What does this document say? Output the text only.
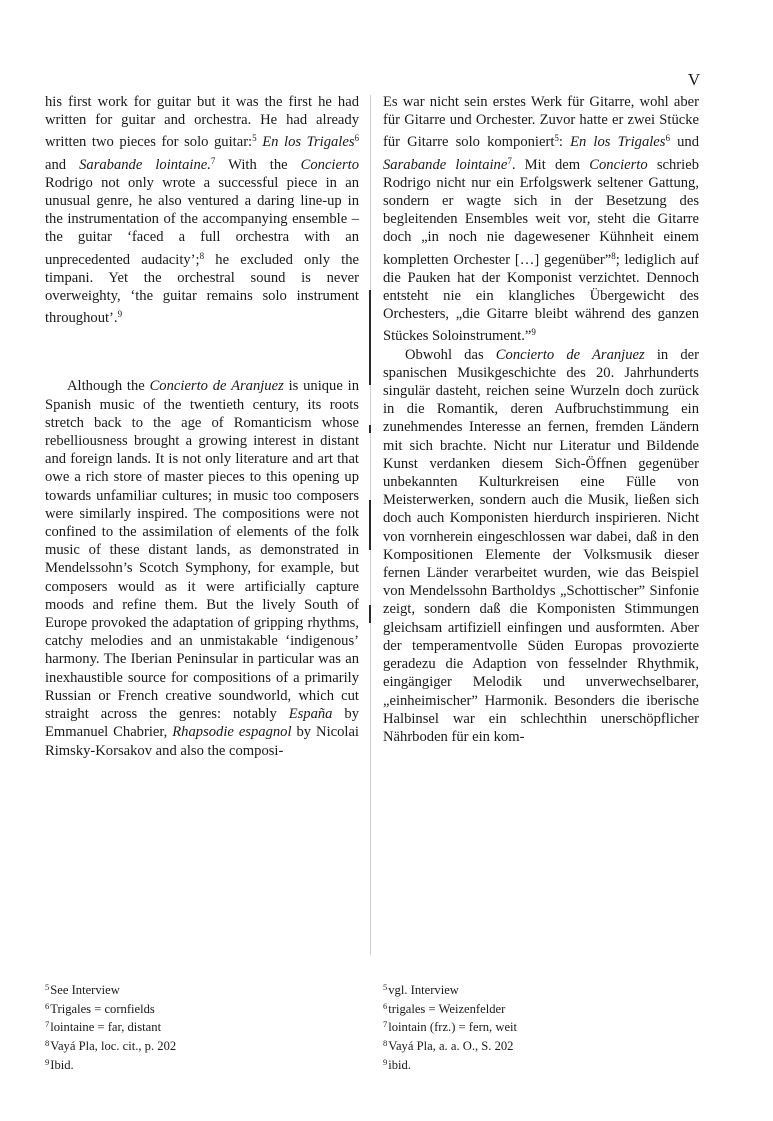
V

his first work for guitar but it was the first he had written for guitar and orchestra. He had already written two pieces for solo guitar:$^5$ En los Trigales$^6$ and Sarabande lointaine.$^7$ With the Concierto Rodrigo not only wrote a successful piece in an unusual genre, he also ventured a daring line-up in the instrumentation of the accompanying ensemble – the guitar ‘faced a full orchestra with an unprecedented audacity’;$^8$ he excluded only the timpani. Yet the orchestral sound is never overweighty, ‘the guitar remains solo instrument throughout’.$^9$

Although the Concierto de Aranjuez is unique in Spanish music of the twentieth century, its roots stretch back to the age of Romanticism whose rebelliousness brought a growing interest in distant and foreign lands. It is not only literature and art that owe a rich store of master pieces to this opening up towards unfamiliar cultures; in music too composers were similarly inspired. The compositions were not confined to the assimilation of elements of the folk music of these distant lands, as demonstrated in Mendelssohn’s Scotch Symphony, for example, but composers would as it were artificially capture moods and refine them. But the lively South of Europe provoked the adaptation of gripping rhythms, catchy melodies and an unmistakable ‘indigenous’ harmony. The Iberian Peninsular in particular was an inexhaustible source for compositions of a primarily Russian or French creative soundworld, which cut straight across the genres: notably España by Emmanuel Chabrier, Rhapsodie espagnol by Nicolai Rimsky-Korsakov and also the composi-

Es war nicht sein erstes Werk für Gitarre, wohl aber für Gitarre und Orchester. Zuvor hatte er zwei Stücke für Gitarre solo komponiert$^5$: En los Trigales$^6$ und Sarabande lointaine$^7$. Mit dem Concierto schrieb Rodrigo nicht nur ein Erfolgswerk seltener Gattung, sondern er wagte sich in der Besetzung des begleitenden Ensembles weit vor, steht die Gitarre doch „in noch nie dagewesener Kühnheit einem kompletten Orchester […] gegenüber”$^8$; lediglich auf die Pauken hat der Komponist verzichtet. Dennoch entsteht nie ein klangliches Übergewicht des Orchesters, „die Gitarre bleibt während des ganzen Stückes Soloinstrument.”$^9$

Obwohl das Concierto de Aranjuez in der spanischen Musikgeschichte des 20. Jahrhunderts singulär dasteht, reichen seine Wurzeln doch zurück in die Romantik, deren Aufbruchstimmung ein zunehmendes Interesse an fernen, fremden Ländern mit sich brachte. Nicht nur Literatur und Bildende Kunst verdanken diesem Sich-Öffnen gegenüber unbekannten Kulturkreisen eine Fülle von Meisterwerken, sondern auch die Musik, ließen sich doch auch Komponisten hierdurch inspirieren. Nicht von vornherein eingeschlossen war dabei, daß in den Kompositionen Elemente der Volksmusik dieser fernen Länder verarbeitet wurden, wie das Beispiel von Mendelssohn Bartholdys „Schottischer” Sinfonie zeigt, sondern daß die Komponisten Stimmungen gleichsam artifiziell einfingen und ausformten. Aber der temperamentvolle Süden Europas provozierte geradezu die Adaption von fesselnder Rhythmik, eingängiger Melodik und unverwechselbarer, „einheimischer” Harmonik. Besonders die iberische Halbinsel war ein schlechthin unerschöpflicher Nährboden für ein kom-

$^5$See Interview
$^6$Trigales = cornfields
$^7$lointaine = far, distant
$^8$Vayá Pla, loc. cit., p. 202
$^9$Ibid.
$^5$vgl. Interview
$^6$trigales = Weizenfelder
$^7$lointain (frz.) = fern, weit
$^8$Vayá Pla, a. a. O., S. 202
$^9$ibid.
